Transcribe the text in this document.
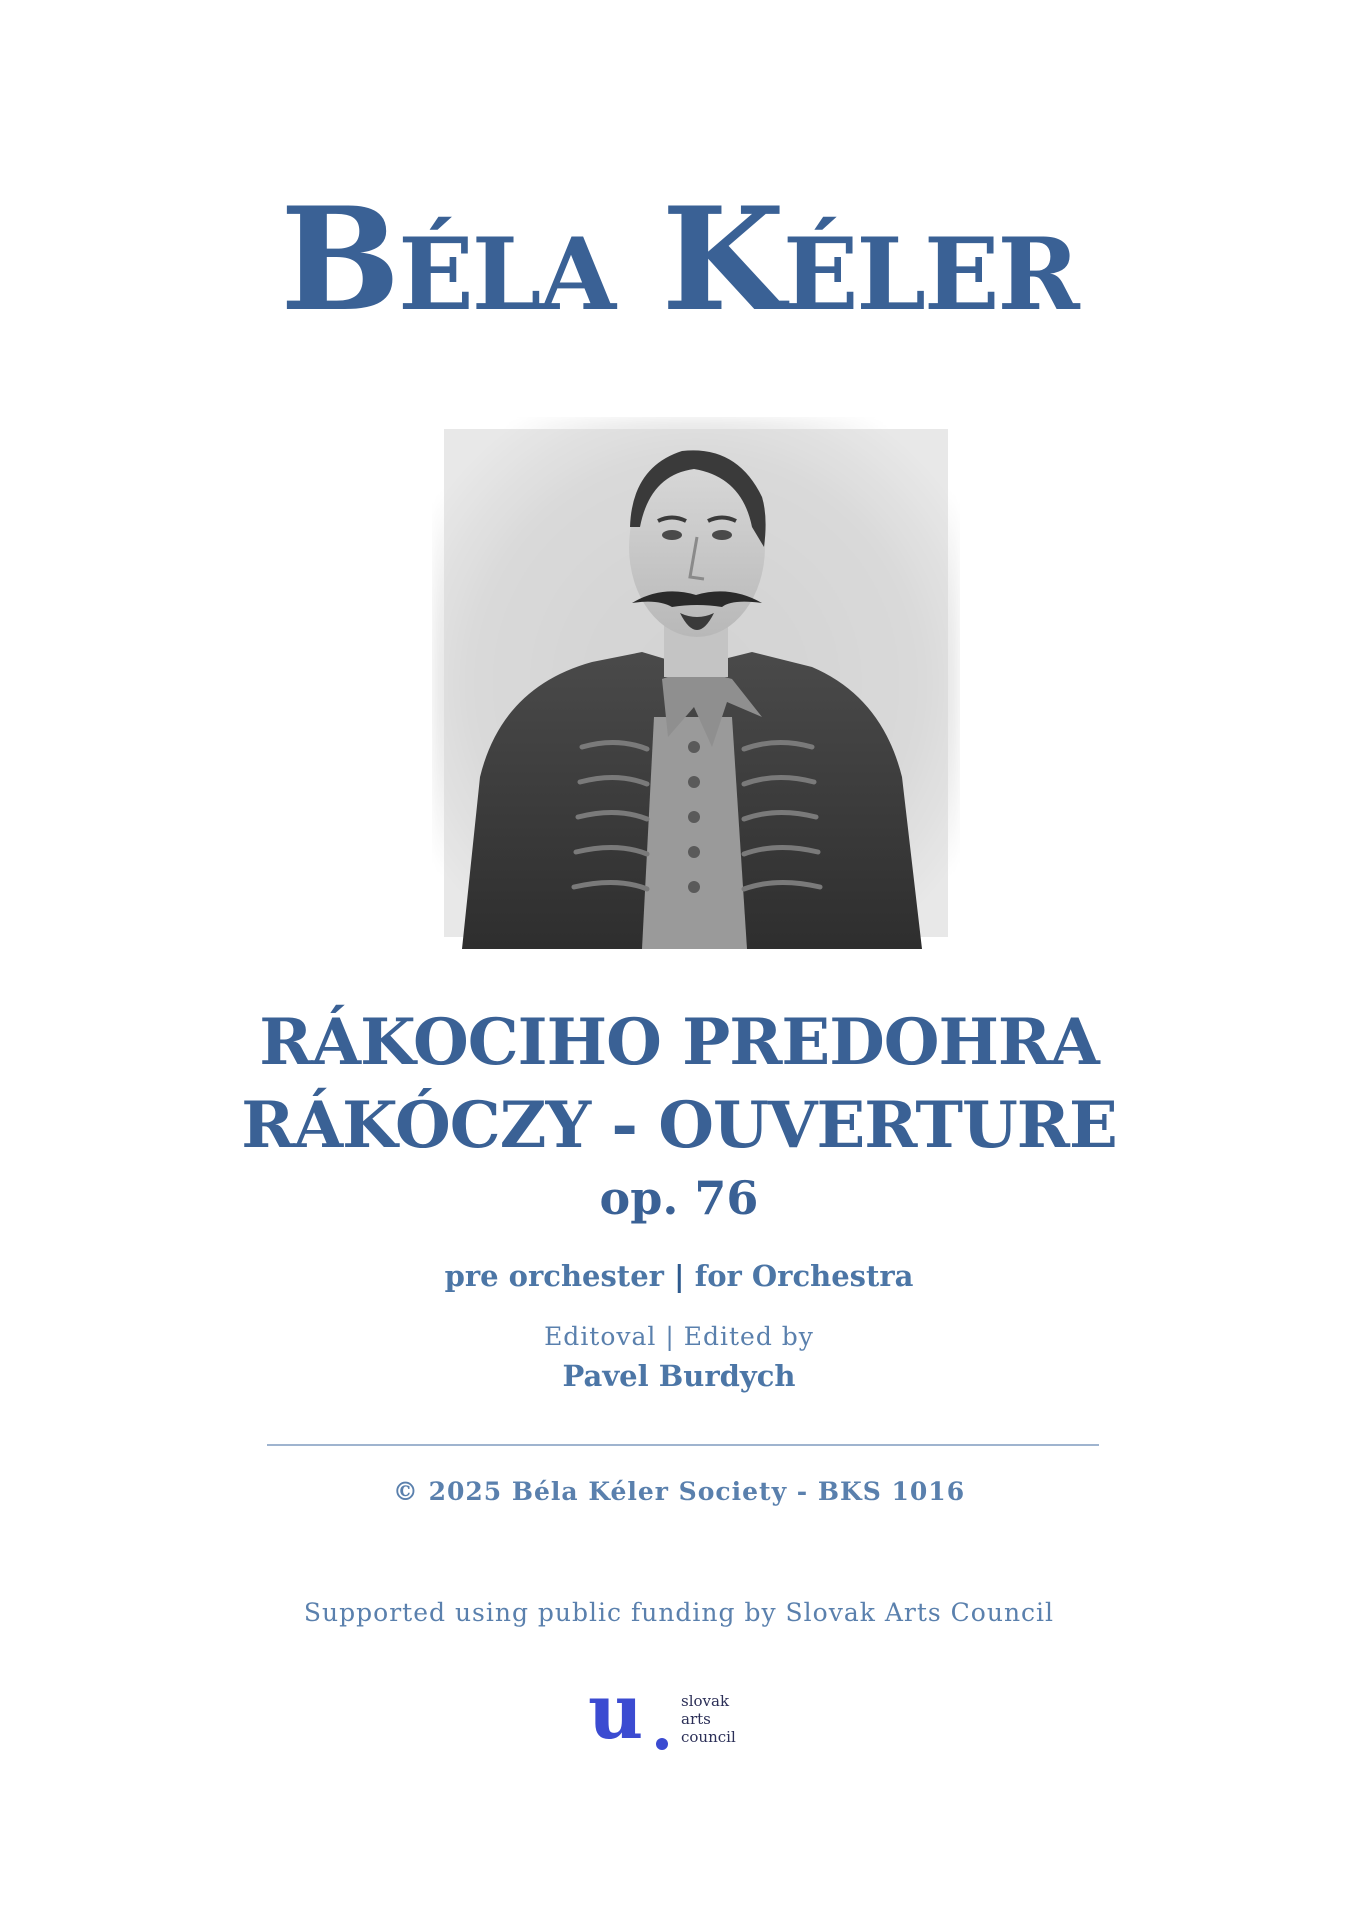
Béla Kéler
RÁKOCIHO PREDOHRA
RÁKÓCZY - OUVERTURE
op. 76
pre orchester | for Orchestra
Editoval | Edited by
Pavel Burdych
© 2025 Béla Kéler Society - BKS 1016
Supported using public funding by Slovak Arts Council
u	slovak
arts
council
